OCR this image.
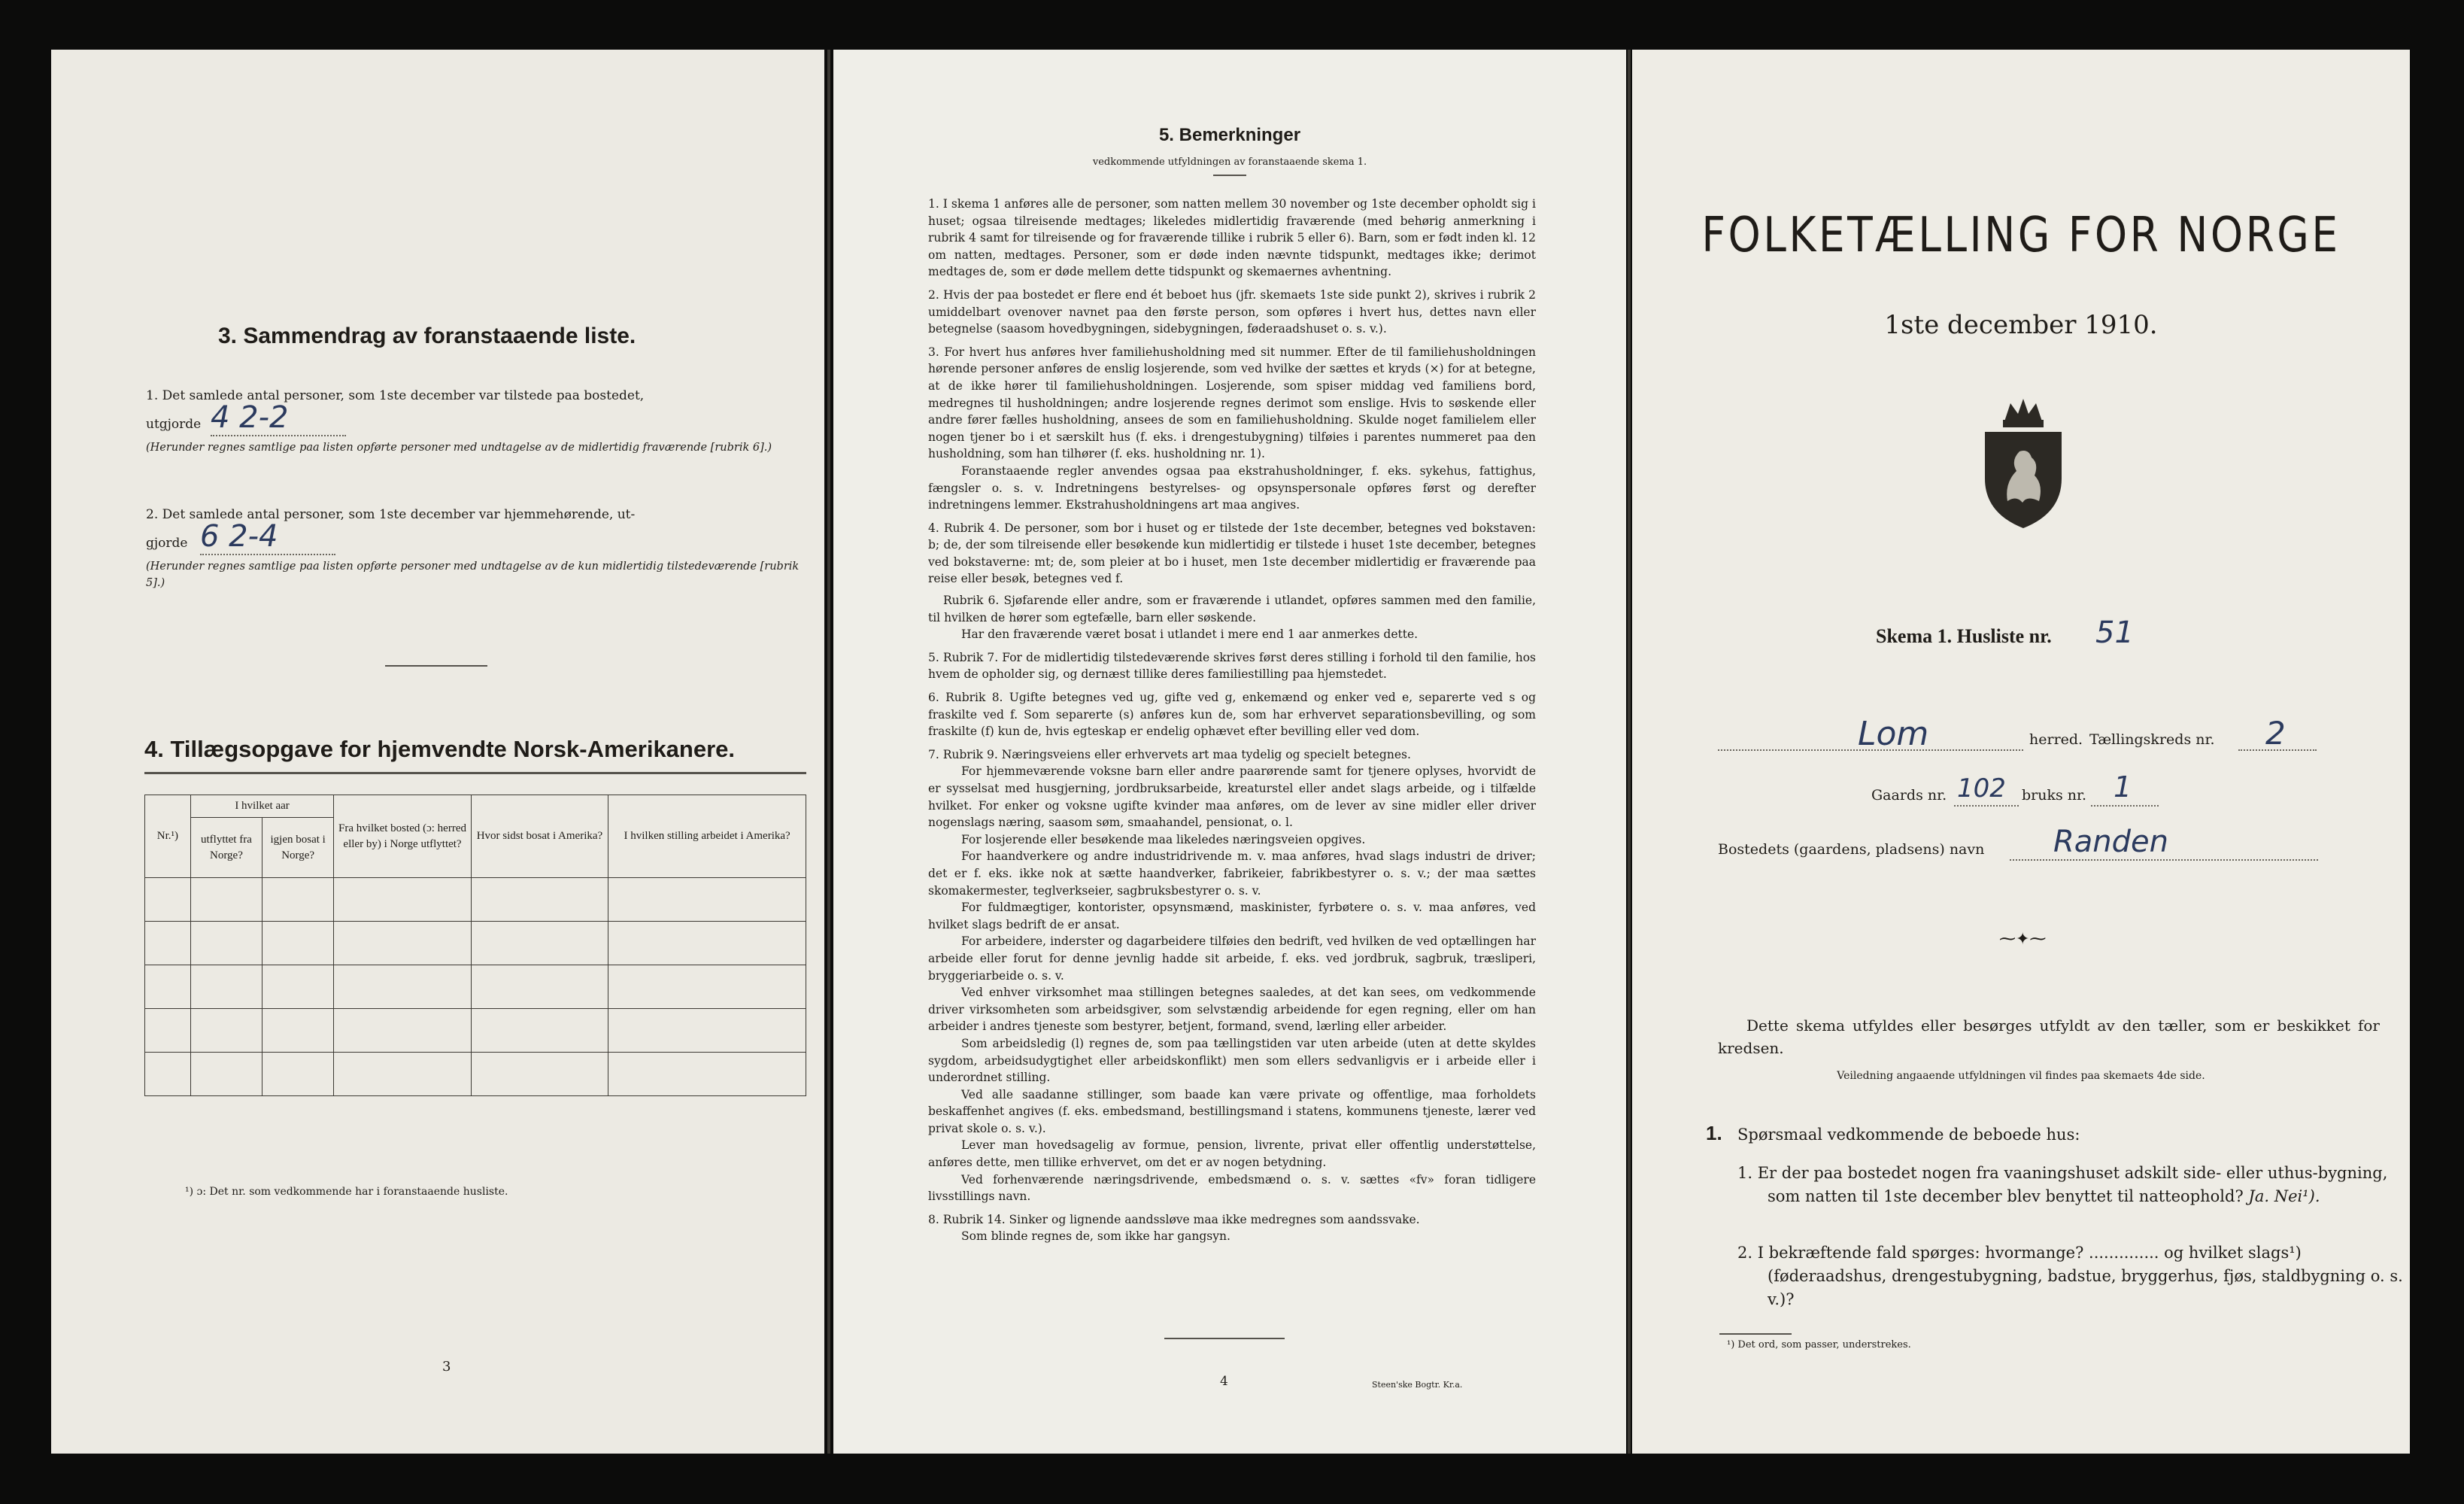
3. Sammendrag av foranstaaende liste.
1. Det samlede antal personer, som 1ste december var tilstede paa bostedet,
utgjorde 4 2-2
(Herunder regnes samtlige paa listen opførte personer med undtagelse av de midlertidig fraværende [rubrik 6].)
2. Det samlede antal personer, som 1ste december var hjemmehørende, ut-
gjorde 6 2-4
(Herunder regnes samtlige paa listen opførte personer med undtagelse av de kun midlertidig tilstedeværende [rubrik 5].)
4. Tillægsopgave for hjemvendte Norsk-Amerikanere.
Nr.¹)	I hvilket aar		Fra hvilket bosted (ɔ: herred eller by) i Norge utflyttet?	Hvor sidst bosat i Amerika?	I hvilken stilling arbeidet i Amerika?
	utflyttet fra Norge?	igjen bosat i Norge?			

¹) ɔ: Det nr. som vedkommende har i foranstaaende husliste.
3
5. Bemerkninger
vedkommende utfyldningen av foranstaaende skema 1.
1. I skema 1 anføres alle de personer, som natten mellem 30 november og 1ste december opholdt sig i huset; ogsaa tilreisende medtages; likeledes midlertidig fraværende (med behørig anmerkning i rubrik 4 samt for tilreisende og for fraværende tillike i rubrik 5 eller 6). Barn, som er født inden kl. 12 om natten, medtages. Personer, som er døde inden nævnte tidspunkt, medtages ikke; derimot medtages de, som er døde mellem dette tidspunkt og skemaernes avhentning.
2. Hvis der paa bostedet er flere end ét beboet hus (jfr. skemaets 1ste side punkt 2), skrives i rubrik 2 umiddelbart ovenover navnet paa den første person, som opføres i hvert hus, dettes navn eller betegnelse (saasom hovedbygningen, sidebygningen, føderaadshuset o. s. v.).
3. For hvert hus anføres hver familiehusholdning med sit nummer. Efter de til familiehusholdningen hørende personer anføres de enslig losjerende, som ved hvilke der sættes et kryds (×) for at betegne, at de ikke hører til familiehusholdningen. Losjerende, som spiser middag ved familiens bord, medregnes til husholdningen; andre losjerende regnes derimot som enslige. Hvis to søskende eller andre fører fælles husholdning, ansees de som en familiehusholdning. Skulde noget familielem eller nogen tjener bo i et særskilt hus (f. eks. i drengestubygning) tilføies i parentes nummeret paa den husholdning, som han tilhører (f. eks. husholdning nr. 1).
Foranstaaende regler anvendes ogsaa paa ekstrahusholdninger, f. eks. sykehus, fattighus, fængsler o. s. v. Indretningens bestyrelses- og opsynspersonale opføres først og derefter indretningens lemmer. Ekstrahusholdningens art maa angives.
4. Rubrik 4. De personer, som bor i huset og er tilstede der 1ste december, betegnes ved bokstaven: b; de, der som tilreisende eller besøkende kun midlertidig er tilstede i huset 1ste december, betegnes ved bokstaverne: mt; de, som pleier at bo i huset, men 1ste december midlertidig er fraværende paa reise eller besøk, betegnes ved f.
Rubrik 6. Sjøfarende eller andre, som er fraværende i utlandet, opføres sammen med den familie, til hvilken de hører som egtefælle, barn eller søskende.
Har den fraværende været bosat i utlandet i mere end 1 aar anmerkes dette.
5. Rubrik 7. For de midlertidig tilstedeværende skrives først deres stilling i forhold til den familie, hos hvem de opholder sig, og dernæst tillike deres familiestilling paa hjemstedet.
6. Rubrik 8. Ugifte betegnes ved ug, gifte ved g, enkemænd og enker ved e, separerte ved s og fraskilte ved f. Som separerte (s) anføres kun de, som har erhvervet separationsbevilling, og som fraskilte (f) kun de, hvis egteskap er endelig ophævet efter bevilling eller ved dom.
7. Rubrik 9. Næringsveiens eller erhvervets art maa tydelig og specielt betegnes.
For hjemmeværende voksne barn eller andre paarørende samt for tjenere oplyses, hvorvidt de er sysselsat med husgjerning, jordbruksarbeide, kreaturstel eller andet slags arbeide, og i tilfælde hvilket. For enker og voksne ugifte kvinder maa anføres, om de lever av sine midler eller driver nogenslags næring, saasom søm, smaahandel, pensionat, o. l.
For losjerende eller besøkende maa likeledes næringsveien opgives.
For haandverkere og andre industridrivende m. v. maa anføres, hvad slags industri de driver; det er f. eks. ikke nok at sætte haandverker, fabrikeier, fabrikbestyrer o. s. v.; der maa sættes skomakermester, teglverkseier, sagbruksbestyrer o. s. v.
For fuldmægtiger, kontorister, opsynsmænd, maskinister, fyrbøtere o. s. v. maa anføres, ved hvilket slags bedrift de er ansat.
For arbeidere, inderster og dagarbeidere tilføies den bedrift, ved hvilken de ved optællingen har arbeide eller forut for denne jevnlig hadde sit arbeide, f. eks. ved jordbruk, sagbruk, træsliperi, bryggeriarbeide o. s. v.
Ved enhver virksomhet maa stillingen betegnes saaledes, at det kan sees, om vedkommende driver virksomheten som arbeidsgiver, som selvstændig arbeidende for egen regning, eller om han arbeider i andres tjeneste som bestyrer, betjent, formand, svend, lærling eller arbeider.
Som arbeidsledig (l) regnes de, som paa tællingstiden var uten arbeide (uten at dette skyldes sygdom, arbeidsudygtighet eller arbeidskonflikt) men som ellers sedvanligvis er i arbeide eller i underordnet stilling.
Ved alle saadanne stillinger, som baade kan være private og offentlige, maa forholdets beskaffenhet angives (f. eks. embedsmand, bestillingsmand i statens, kommunens tjeneste, lærer ved privat skole o. s. v.).
Lever man hovedsagelig av formue, pension, livrente, privat eller offentlig understøttelse, anføres dette, men tillike erhvervet, om det er av nogen betydning.
Ved forhenværende næringsdrivende, embedsmænd o. s. v. sættes «fv» foran tidligere livsstillings navn.
8. Rubrik 14. Sinker og lignende aandssløve maa ikke medregnes som aandssvake.
Som blinde regnes de, som ikke har gangsyn.
4	Steen'ske Bogtr. Kr.a.
FOLKETÆLLING FOR NORGE
1ste december 1910.
Skema 1. Husliste nr. 51
Lom	herred. Tællingskreds nr. 2
Gaards nr. 102 bruks nr. 1
Bostedets (gaardens, pladsens) navn Randen
⁓✦⁓
Dette skema utfyldes eller besørges utfyldt av den tæller, som er beskikket for kredsen.
Veiledning angaaende utfyldningen vil findes paa skemaets 4de side.
1. Spørsmaal vedkommende de beboede hus:
1. Er der paa bostedet nogen fra vaaningshuset adskilt side- eller uthus-bygning, som natten til 1ste december blev benyttet til natteophold? Ja. Nei¹).
2. I bekræftende fald spørges: hvormange? .............. og hvilket slags¹) (føderaadshus, drengestubygning, badstue, bryggerhus, fjøs, staldbygning o. s. v.)?
¹) Det ord, som passer, understrekes.
